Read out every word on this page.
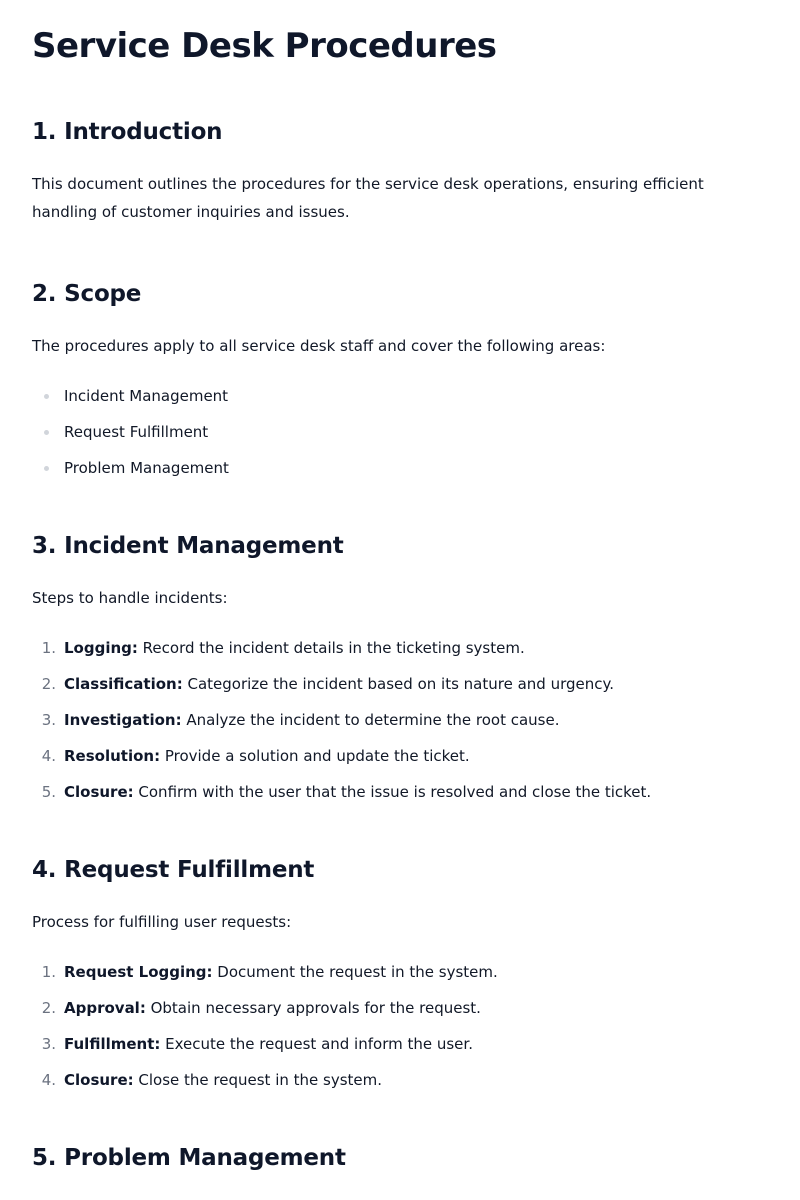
Service Desk Procedures
1. Introduction

This document outlines the procedures for the service desk operations, ensuring efficient handling of customer inquiries and issues.

2. Scope

The procedures apply to all service desk staff and cover the following areas:

Incident Management
Request Fulfillment
Problem Management
3. Incident Management

Steps to handle incidents:

1. Logging: Record the incident details in the ticketing system.
2. Classification: Categorize the incident based on its nature and urgency.
3. Investigation: Analyze the incident to determine the root cause.
4. Resolution: Provide a solution and update the ticket.
5. Closure: Confirm with the user that the issue is resolved and close the ticket.
4. Request Fulfillment

Process for fulfilling user requests:

1. Request Logging: Document the request in the system.
2. Approval: Obtain necessary approvals for the request.
3. Fulfillment: Execute the request and inform the user.
4. Closure: Close the request in the system.
5. Problem Management
